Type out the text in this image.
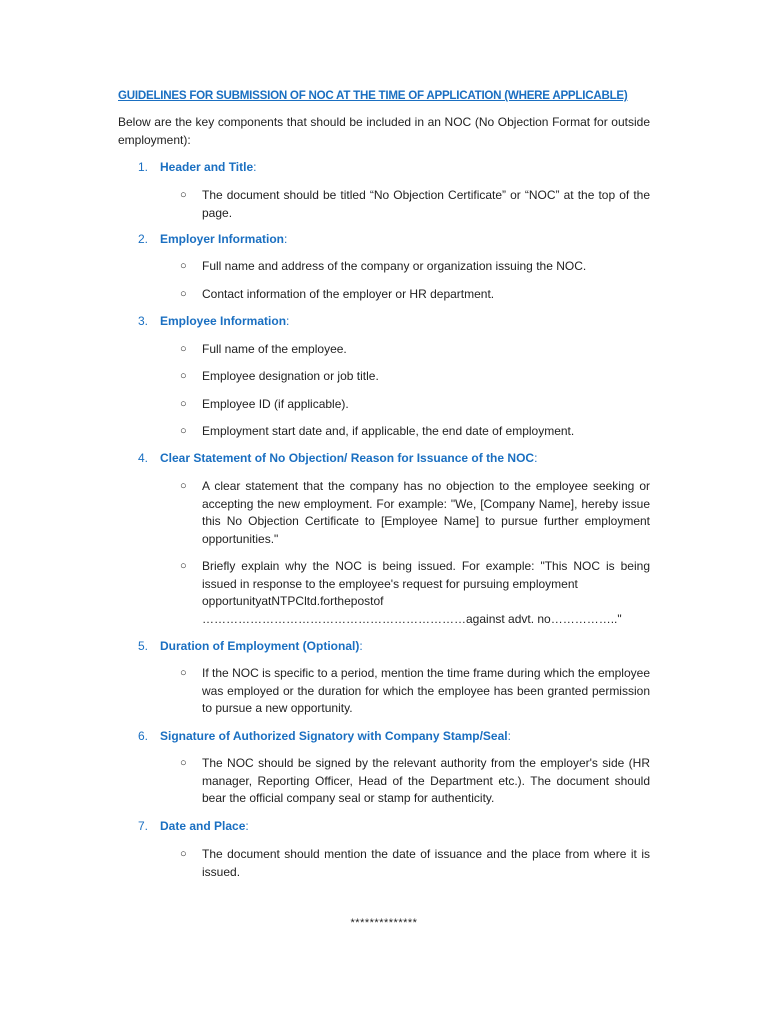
GUIDELINES FOR SUBMISSION OF NOC AT THE TIME OF APPLICATION (WHERE APPLICABLE)
Below are the key components that should be included in an NOC (No Objection Format for outside employment):
1. Header and Title:
○ The document should be titled “No Objection Certificate” or “NOC” at the top of the page.
2. Employer Information:
○ Full name and address of the company or organization issuing the NOC.
○ Contact information of the employer or HR department.
3. Employee Information:
○ Full name of the employee.
○ Employee designation or job title.
○ Employee ID (if applicable).
○ Employment start date and, if applicable, the end date of employment.
4. Clear Statement of No Objection/ Reason for Issuance of the NOC:
○ A clear statement that the company has no objection to the employee seeking or accepting the new employment. For example: "We, [Company Name], hereby issue this No Objection Certificate to [Employee Name] to pursue further employment opportunities."
○ Briefly explain why the NOC is being issued. For example: "This NOC is being issued in response to the employee's request for pursuing employment
opportunityatNTPCltd.forthepostof
…………………………………………………………against advt. no…………….."
5. Duration of Employment (Optional):
○ If the NOC is specific to a period, mention the time frame during which the employee was employed or the duration for which the employee has been granted permission to pursue a new opportunity.
6. Signature of Authorized Signatory with Company Stamp/Seal:
○ The NOC should be signed by the relevant authority from the employer's side (HR manager, Reporting Officer, Head of the Department etc.). The document should bear the official company seal or stamp for authenticity.
7. Date and Place:
○ The document should mention the date of issuance and the place from where it is issued.
**************
